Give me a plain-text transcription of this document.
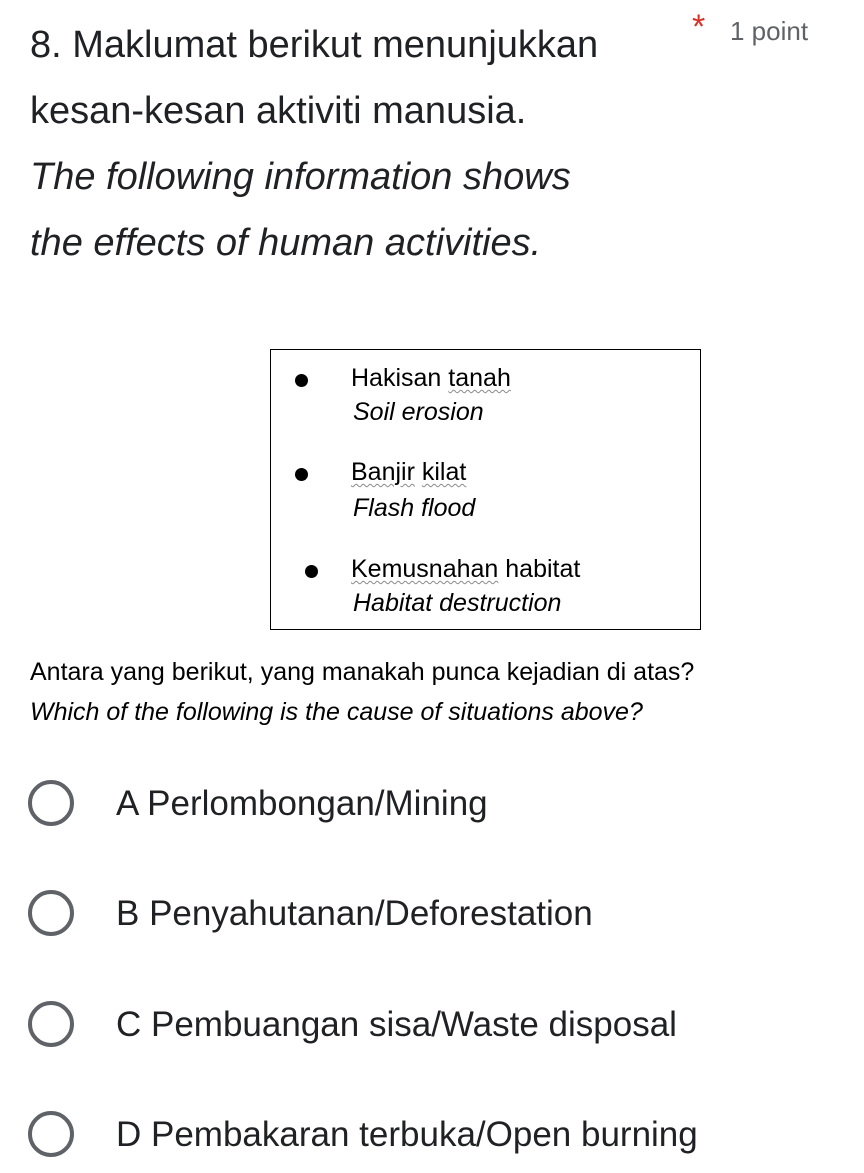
8. Maklumat berikut menunjukkan

kesan-kesan aktiviti manusia.

The following information shows

the effects of human activities.

* 1 point
Hakisan tanah
Soil erosion
Banjir kilat
Flash flood
Kemusnahan habitat
Habitat destruction
Antara yang berikut, yang manakah punca kejadian di atas?
Which of the following is the cause of situations above?
A Perlombongan/Mining
B Penyahutanan/Deforestation
C Pembuangan sisa/Waste disposal
D Pembakaran terbuka/Open burning
